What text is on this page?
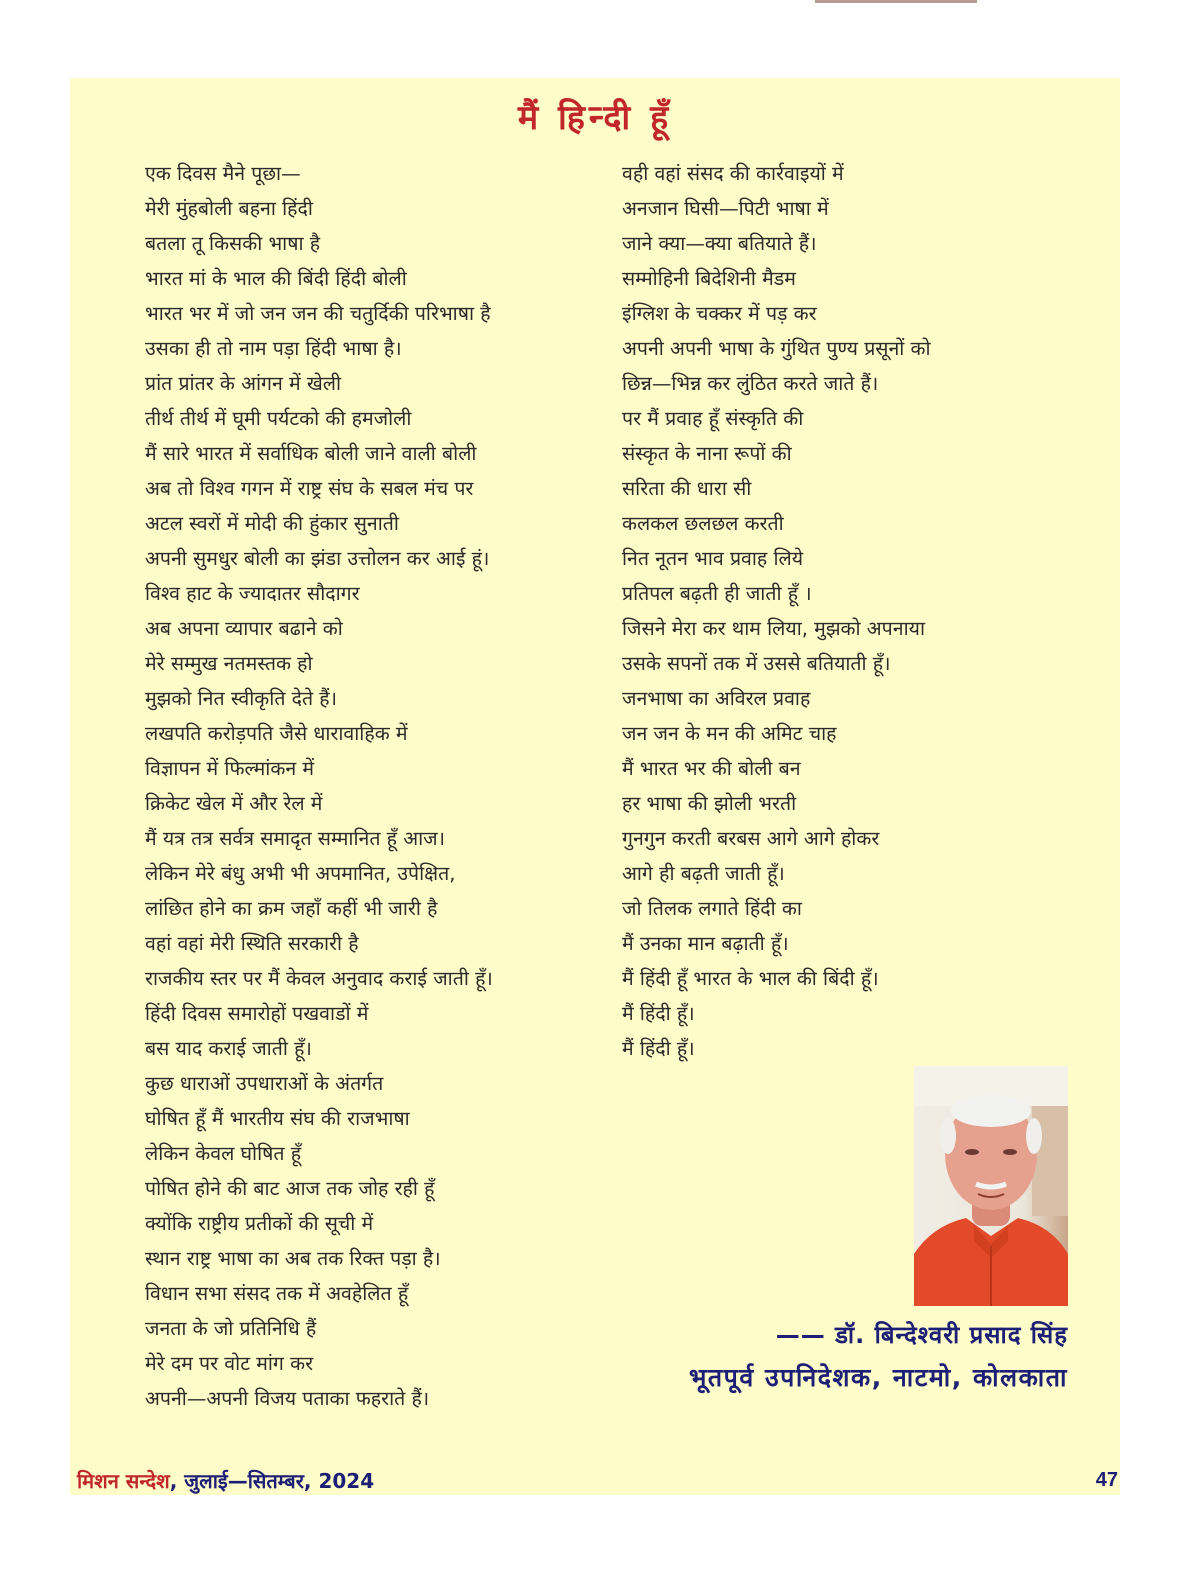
मैं हिन्दी हूँ
एक दिवस मैने पूछा—
मेरी मुंहबोली बहना हिंदी
बतला तू किसकी भाषा है
भारत मां के भाल की बिंदी हिंदी बोली
भारत भर में जो जन जन की चतुर्दिकी परिभाषा है
उसका ही तो नाम पड़ा हिंदी भाषा है।
प्रांत प्रांतर के आंगन में खेली
तीर्थ तीर्थ में घूमी पर्यटको की हमजोली
मैं सारे भारत में सर्वाधिक बोली जाने वाली बोली
अब तो विश्व गगन में राष्ट्र संघ के सबल मंच पर
अटल स्वरों में मोदी की हुंकार सुनाती
अपनी सुमधुर बोली का झंडा उत्तोलन कर आई हूं।
विश्व हाट के ज्यादातर सौदागर
अब अपना व्यापार बढाने को
मेरे सम्मुख नतमस्तक हो
मुझको नित स्वीकृति देते हैं।
लखपति करोड़पति जैसे धारावाहिक में
विज्ञापन में फिल्मांकन में
क्रिकेट खेल में और रेल में
मैं यत्र तत्र सर्वत्र समादृत सम्मानित हूँ आज।
लेकिन मेरे बंधु अभी भी अपमानित, उपेक्षित,
लांछित होने का क्रम जहाँ कहीं भी जारी है
वहां वहां मेरी स्थिति सरकारी है
राजकीय स्तर पर मैं केवल अनुवाद कराई जाती हूँ।
हिंदी दिवस समारोहों पखवाडों में
बस याद कराई जाती हूँ।
कुछ धाराओं उपधाराओं के अंतर्गत
घोषित हूँ मैं भारतीय संघ की राजभाषा
लेकिन केवल घोषित हूँ
पोषित होने की बाट आज तक जोह रही हूँ
क्योंकि राष्ट्रीय प्रतीकों की सूची में
स्थान राष्ट्र भाषा का अब तक रिक्त पड़ा है।
विधान सभा संसद तक में अवहेलित हूँ
जनता के जो प्रतिनिधि हैं
मेरे दम पर वोट मांग कर
अपनी—अपनी विजय पताका फहराते हैं।
वही वहां संसद की कार्रवाइयों में
अनजान घिसी—पिटी भाषा में
जाने क्या—क्या बतियाते हैं।
सम्मोहिनी बिदेशिनी मैडम
इंग्लिश के चक्कर में पड़ कर
अपनी अपनी भाषा के गुंथित पुण्य प्रसूनों को
छिन्न—भिन्न कर लुंठित करते जाते हैं।
पर मैं प्रवाह हूँ संस्कृति की
संस्कृत के नाना रूपों की
सरिता की धारा सी
कलकल छलछल करती
नित नूतन भाव प्रवाह लिये
प्रतिपल बढ़ती ही जाती हूँ ।
जिसने मेरा कर थाम लिया, मुझको अपनाया
उसके सपनों तक में उससे बतियाती हूँ।
जनभाषा का अविरल प्रवाह
जन जन के मन की अमिट चाह
मैं भारत भर की बोली बन
हर भाषा की झोली भरती
गुनगुन करती बरबस आगे आगे होकर
आगे ही बढ़ती जाती हूँ।
जो तिलक लगाते हिंदी का
मैं उनका मान बढ़ाती हूँ।
मैं हिंदी हूँ भारत के भाल की बिंदी हूँ।
मैं हिंदी हूँ।
मैं हिंदी हूँ।
—— डॉ. बिन्देश्वरी प्रसाद सिंह
भूतपूर्व उपनिदेशक, नाटमो, कोलकाता
मिशन सन्देश, जुलाई—सितम्बर, 2024	47
